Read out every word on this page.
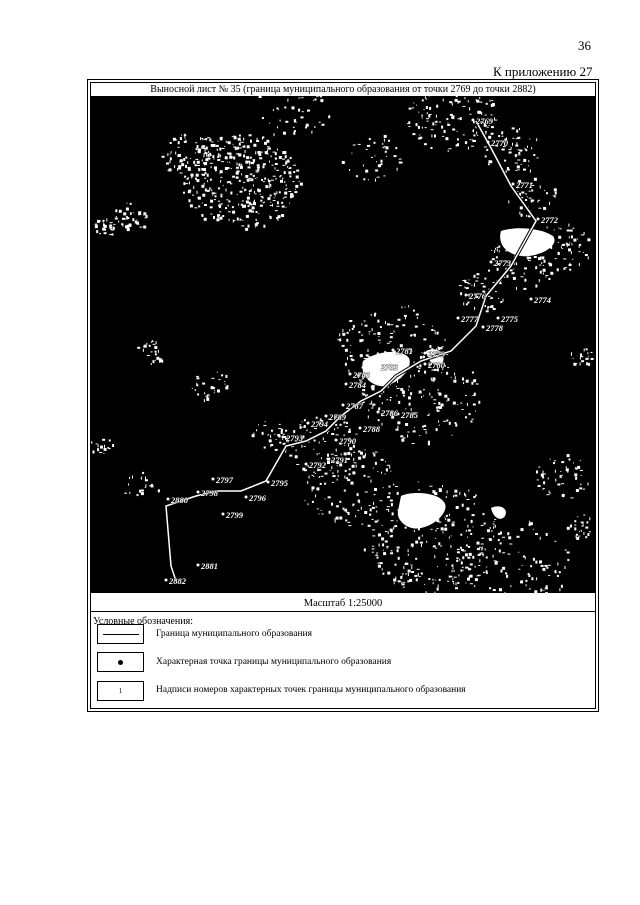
36
К приложению 27
Выносной лист № 35 (граница муниципального образования от точки 2769 до точки 2882)
2769
2770
2771
2772
2773
2774
2775
2776
2777
2778
2779
2780
2781
2782
2783
2784
2785
2786
2787
2788
2789
2790
2791
2792
2793
2794
2795
2796
2797
2798
2799
2880
2881
2882
Масштаб 1:25000
Условные обозначения:
Граница муниципального образования
Характерная точка границы муниципального образования
1	Надписи номеров характерных точек границы муниципального образования
